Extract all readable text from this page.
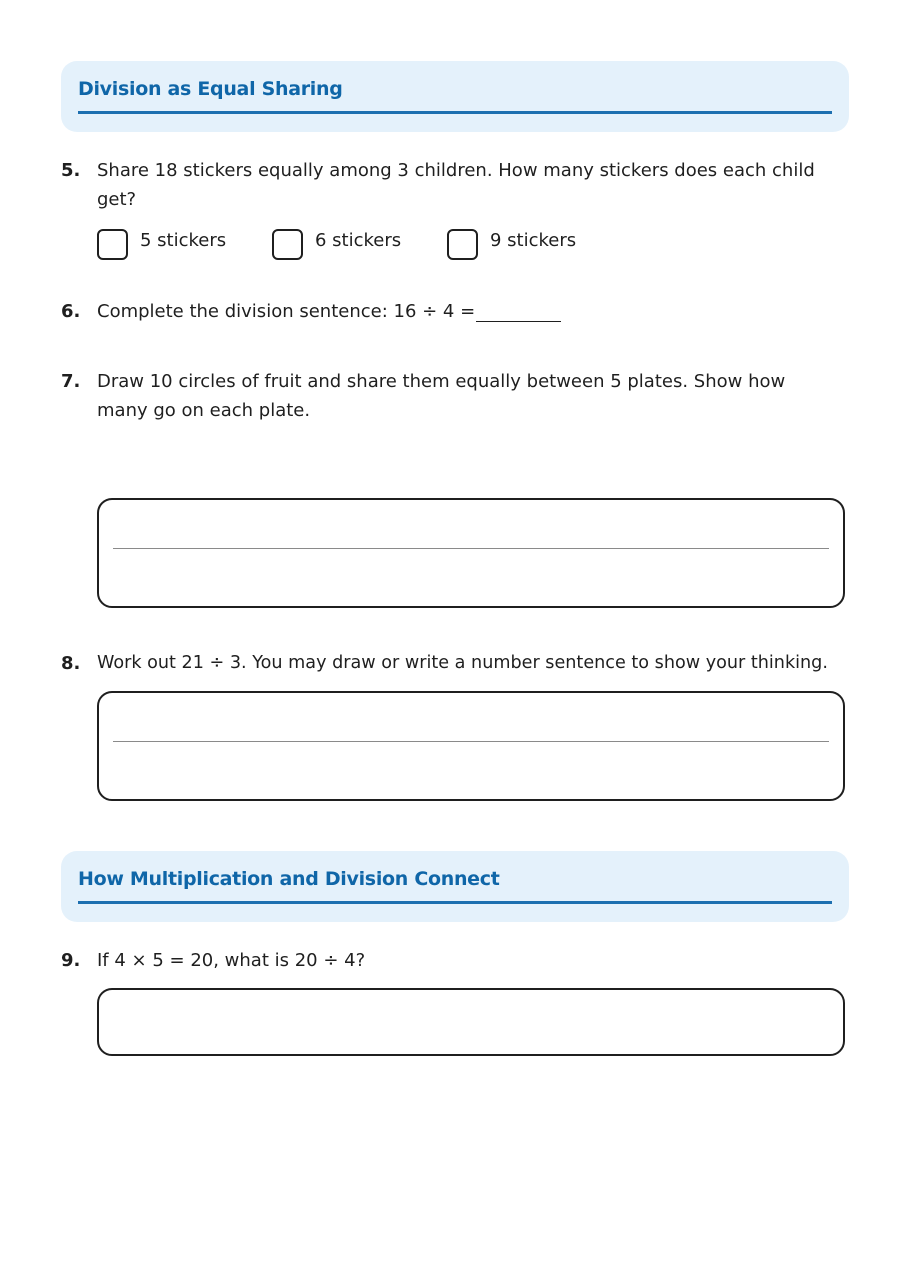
Division as Equal Sharing
5. Share 18 stickers equally among 3 children. How many stickers does each child get?
5 stickers	6 stickers	9 stickers
6. Complete the division sentence: 16 ÷ 4 =
7. Draw 10 circles of fruit and share them equally between 5 plates. Show how many go on each plate.
8. Work out 21 ÷ 3. You may draw or write a number sentence to show your thinking.
How Multiplication and Division Connect
9. If 4 × 5 = 20, what is 20 ÷ 4?
